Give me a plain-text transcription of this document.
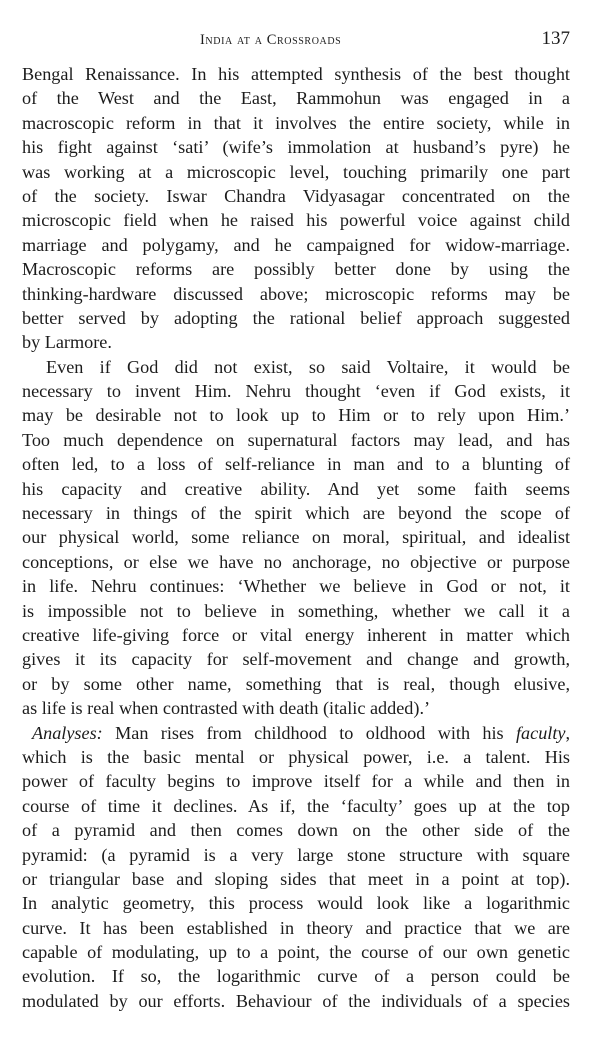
India at a Crossroads	137
Bengal Renaissance. In his attempted synthesis of the best thought
of the West and the East, Rammohun was engaged in a
macroscopic reform in that it involves the entire society, while in
his fight against ‘sati’ (wife’s immolation at husband’s pyre) he
was working at a microscopic level, touching primarily one part
of the society. Iswar Chandra Vidyasagar concentrated on the
microscopic field when he raised his powerful voice against child
marriage and polygamy, and he campaigned for widow-marriage.
Macroscopic reforms are possibly better done by using the
thinking-hardware discussed above; microscopic reforms may be
better served by adopting the rational belief approach suggested
by Larmore.
Even if God did not exist, so said Voltaire, it would be
necessary to invent Him. Nehru thought ‘even if God exists, it
may be desirable not to look up to Him or to rely upon Him.’
Too much dependence on supernatural factors may lead, and has
often led, to a loss of self-reliance in man and to a blunting of
his capacity and creative ability. And yet some faith seems
necessary in things of the spirit which are beyond the scope of
our physical world, some reliance on moral, spiritual, and idealist
conceptions, or else we have no anchorage, no objective or purpose
in life. Nehru continues: ‘Whether we believe in God or not, it
is impossible not to believe in something, whether we call it a
creative life-giving force or vital energy inherent in matter which
gives it its capacity for self-movement and change and growth,
or by some other name, something that is real, though elusive,
as life is real when contrasted with death (italic added).’
Analyses: Man rises from childhood to oldhood with his faculty,
which is the basic mental or physical power, i.e. a talent. His
power of faculty begins to improve itself for a while and then in
course of time it declines. As if, the ‘faculty’ goes up at the top
of a pyramid and then comes down on the other side of the
pyramid: (a pyramid is a very large stone structure with square
or triangular base and sloping sides that meet in a point at top).
In analytic geometry, this process would look like a logarithmic
curve. It has been established in theory and practice that we are
capable of modulating, up to a point, the course of our own genetic
evolution. If so, the logarithmic curve of a person could be
modulated by our efforts. Behaviour of the individuals of a species
